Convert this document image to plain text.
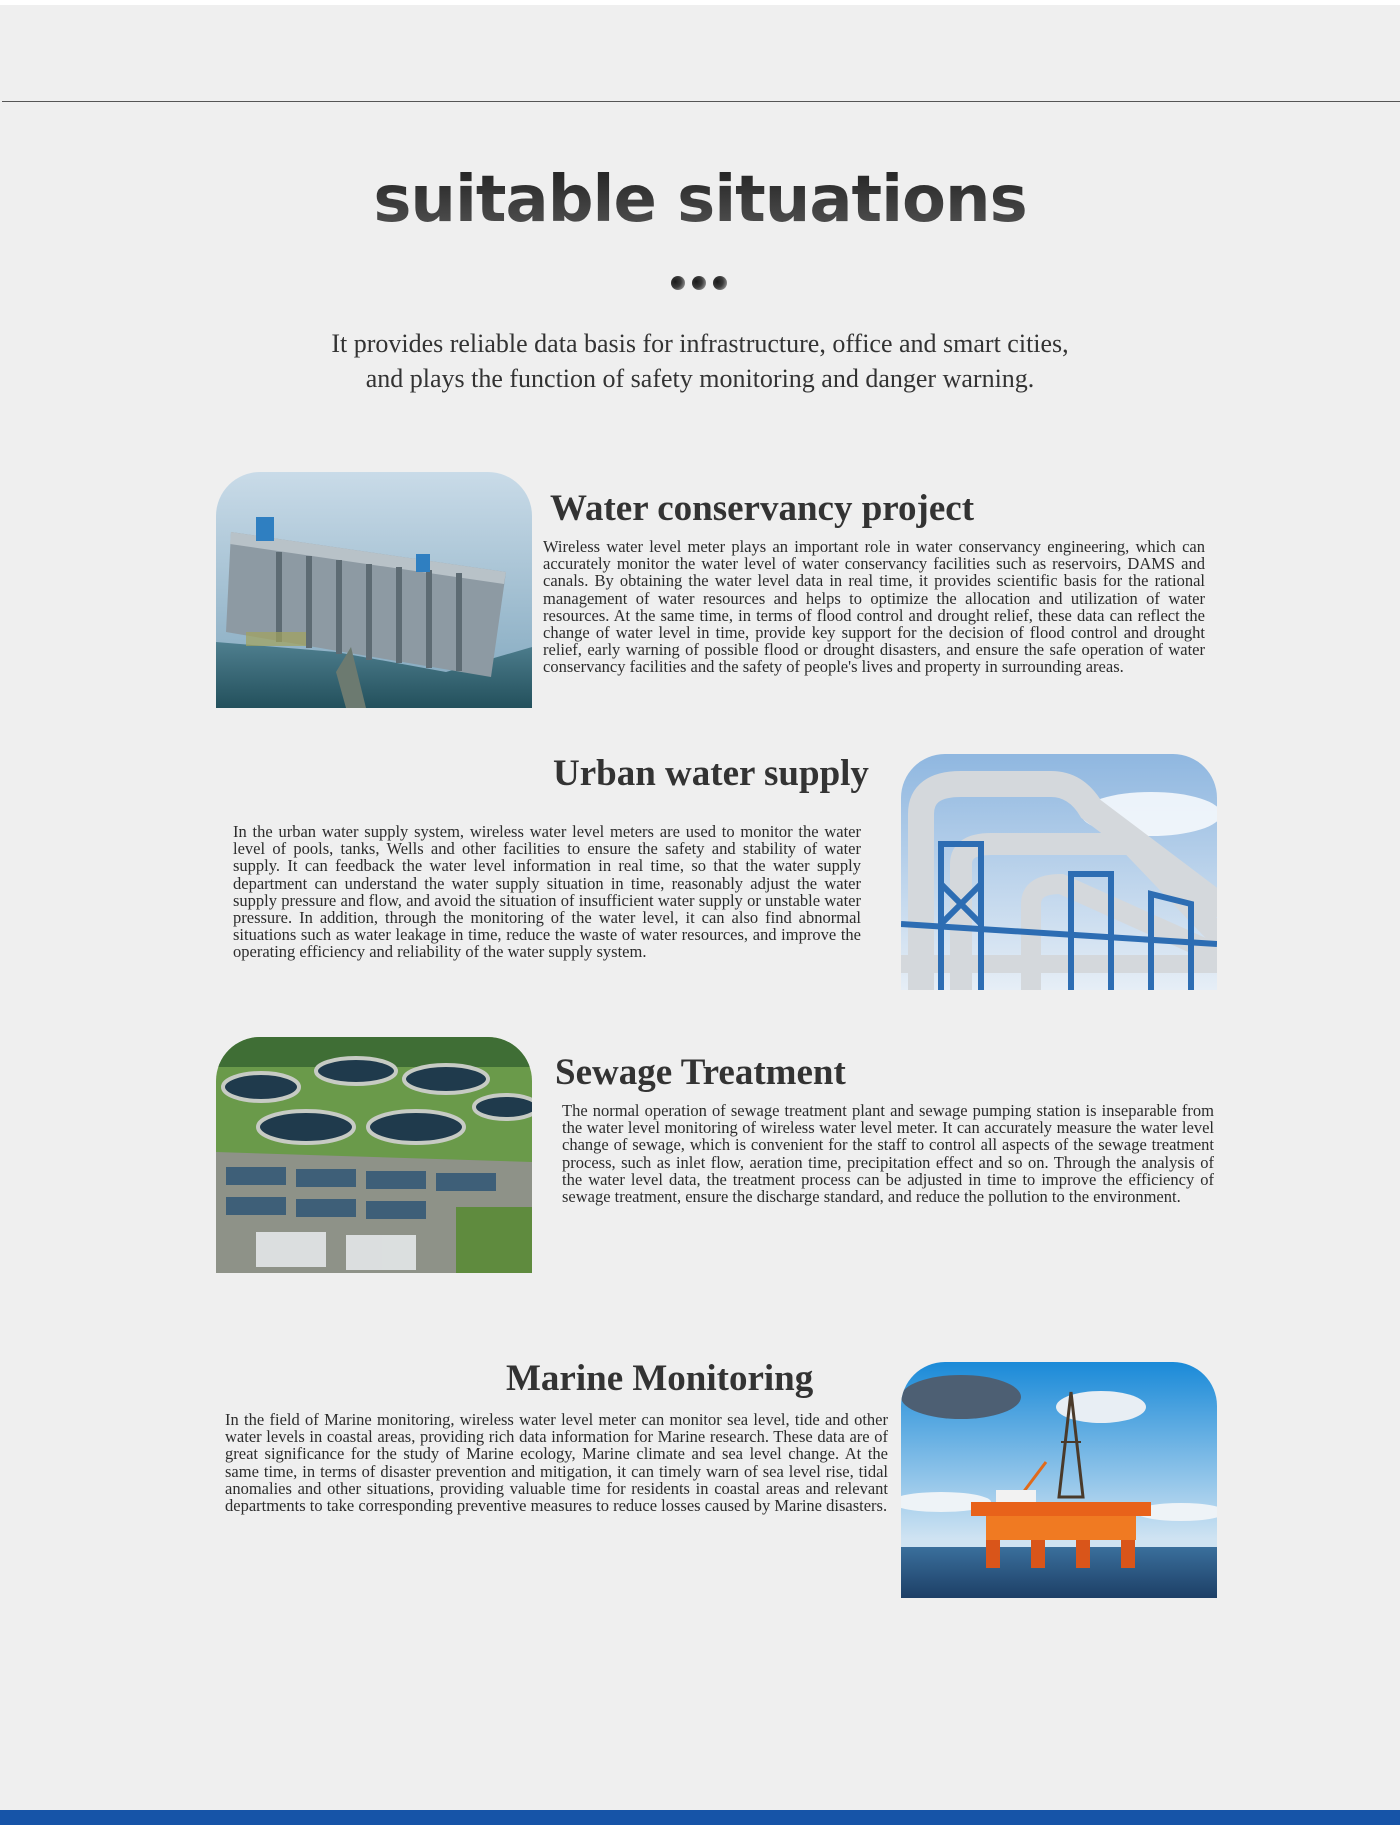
suitable situations
It provides reliable data basis for infrastructure, office and smart cities,
and plays the function of safety monitoring and danger warning.
Water conservancy project

Wireless water level meter plays an important role in water conservancy engineering, which can accurately monitor the water level of water conservancy facilities such as reservoirs, DAMS and canals. By obtaining the water level data in real time, it provides scientific basis for the rational management of water resources and helps to optimize the allocation and utilization of water resources. At the same time, in terms of flood control and drought relief, these data can reflect the change of water level in time, provide key support for the decision of flood control and drought relief, early warning of possible flood or drought disasters, and ensure the safe operation of water conservancy facilities and the safety of people's lives and property in surrounding areas.

Urban water supply

In the urban water supply system, wireless water level meters are used to monitor the water level of pools, tanks, Wells and other facilities to ensure the safety and stability of water supply. It can feedback the water level information in real time, so that the water supply department can understand the water supply situation in time, reasonably adjust the water supply pressure and flow, and avoid the situation of insufficient water supply or unstable water pressure. In addition, through the monitoring of the water level, it can also find abnormal situations such as water leakage in time, reduce the waste of water resources, and improve the operating efficiency and reliability of the water supply system.

Sewage Treatment

The normal operation of sewage treatment plant and sewage pumping station is inseparable from the water level monitoring of wireless water level meter. It can accurately measure the water level change of sewage, which is convenient for the staff to control all aspects of the sewage treatment process, such as inlet flow, aeration time, precipitation effect and so on. Through the analysis of the water level data, the treatment process can be adjusted in time to improve the efficiency of sewage treatment, ensure the discharge standard, and reduce the pollution to the environment.

Marine Monitoring

In the field of Marine monitoring, wireless water level meter can monitor sea level, tide and other water levels in coastal areas, providing rich data information for Marine research. These data are of great significance for the study of Marine ecology, Marine climate and sea level change. At the same time, in terms of disaster prevention and mitigation, it can timely warn of sea level rise, tidal anomalies and other situations, providing valuable time for residents in coastal areas and relevant departments to take corresponding preventive measures to reduce losses caused by Marine disasters.
